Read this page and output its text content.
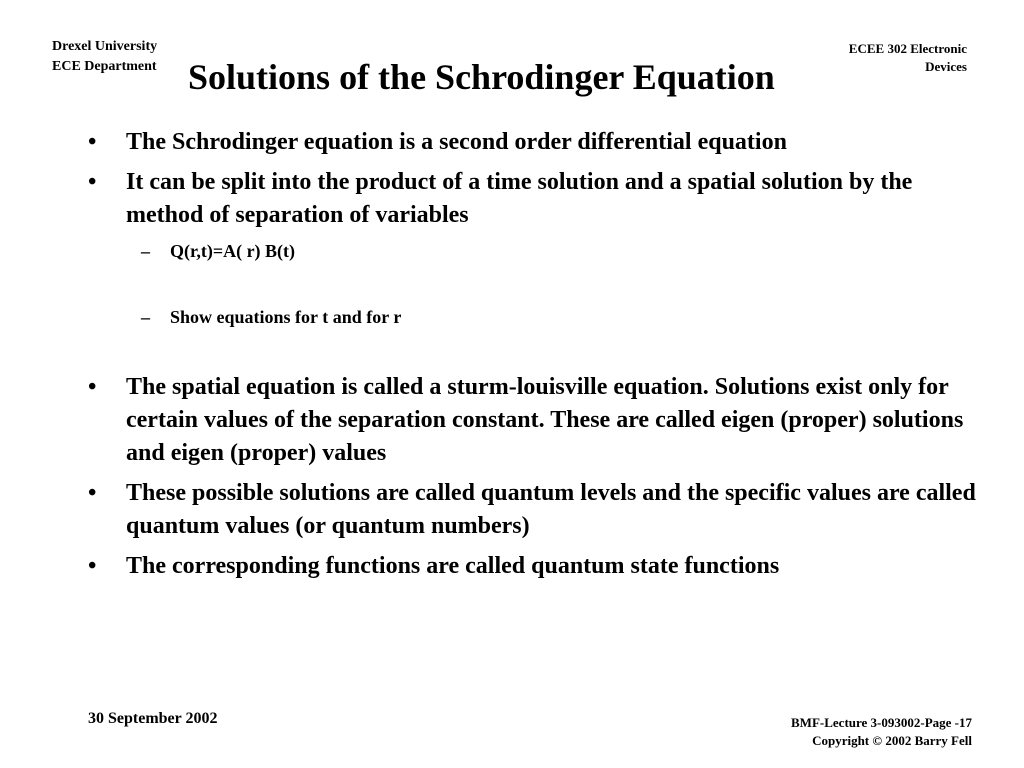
Drexel University
ECE Department
ECEE 302 Electronic
Devices
Solutions of the Schrodinger Equation
• The Schrodinger equation is a second order differential equation
• It can be split into the product of a time solution and a spatial solution by the method of separation of variables
– Q(r,t)=A( r) B(t)
– Show equations for t and for r
• The spatial equation is called a sturm-louisville equation. Solutions exist only for certain values of the separation constant. These are called eigen (proper) solutions and eigen (proper) values
• These possible solutions are called quantum levels and the specific values are called quantum values (or quantum numbers)
• The corresponding functions are called quantum state functions
30 September 2002	BMF-Lecture 3-093002-Page -17
Copyright © 2002 Barry Fell
